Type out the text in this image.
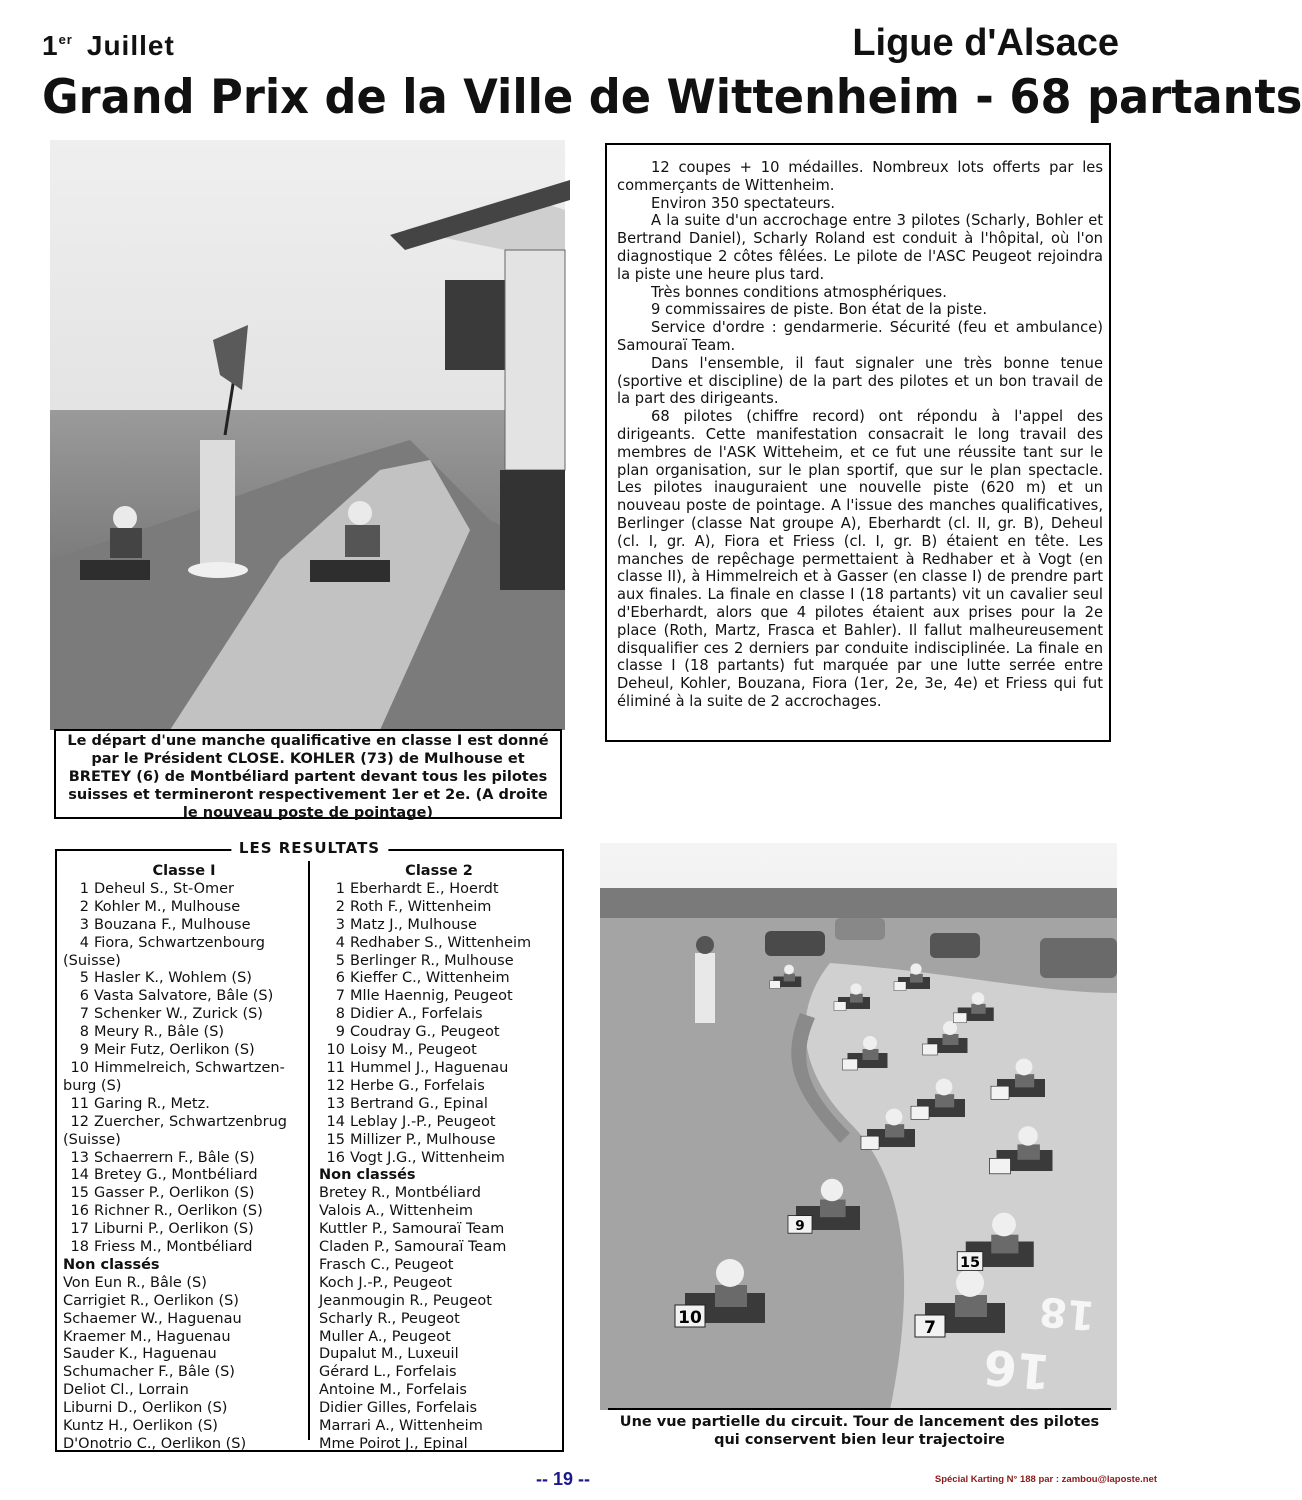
1er Juillet	Ligue d'Alsace
Grand Prix de la Ville de Wittenheim - 68 partants
Le départ d'une manche qualificative en classe I est donné par le Président CLOSE. KOHLER (73) de Mulhouse et BRETEY (6) de Montbéliard partent devant tous les pilotes suisses et termineront respectivement 1er et 2e. (A droite le nouveau poste de pointage)

12 coupes + 10 médailles. Nombreux lots offerts par les commerçants de Wittenheim.

Environ 350 spectateurs.

A la suite d'un accrochage entre 3 pilotes (Scharly, Bohler et Bertrand Daniel), Scharly Roland est conduit à l'hôpital, où l'on diagnostique 2 côtes fêlées. Le pilote de l'ASC Peugeot rejoindra la piste une heure plus tard.

Très bonnes conditions atmosphériques.

9 commissaires de piste. Bon état de la piste.

Service d'ordre : gendarmerie. Sécurité (feu et ambulance) Samouraï Team.

Dans l'ensemble, il faut signaler une très bonne tenue (sportive et discipline) de la part des pilotes et un bon travail de la part des dirigeants.

68 pilotes (chiffre record) ont répondu à l'appel des dirigeants. Cette manifestation consacrait le long travail des membres de l'ASK Witteheim, et ce fut une réussite tant sur le plan organisation, sur le plan sportif, que sur le plan spectacle. Les pilotes inauguraient une nouvelle piste (620 m) et un nouveau poste de pointage. A l'issue des manches qualificatives, Berlinger (classe Nat groupe A), Eberhardt (cl. II, gr. B), Deheul (cl. I, gr. A), Fiora et Friess (cl. I, gr. B) étaient en tête. Les manches de repêchage permettaient à Redhaber et à Vogt (en classe II), à Himmelreich et à Gasser (en classe I) de prendre part aux finales. La finale en classe I (18 partants) vit un cavalier seul d'Eberhardt, alors que 4 pilotes étaient aux prises pour la 2e place (Roth, Martz, Frasca et Bahler). Il fallut malheureusement disqualifier ces 2 derniers par conduite indisciplinée. La finale en classe I (18 partants) fut marquée par une lutte serrée entre Deheul, Kohler, Bouzana, Fiora (1er, 2e, 3e, 4e) et Friess qui fut éliminé à la suite de 2 accrochages.

LES RESULTATS
Classe I
1 Deheul S., St-Omer
2 Kohler M., Mulhouse
3 Bouzana F., Mulhouse
4 Fiora, Schwartzenbourg
(Suisse)
5 Hasler K., Wohlem (S)
6 Vasta Salvatore, Bâle (S)
7 Schenker W., Zurick (S)
8 Meury R., Bâle (S)
9 Meir Futz, Oerlikon (S)
10 Himmelreich, Schwartzen-
burg (S)
11 Garing R., Metz.
12 Zuercher, Schwartzenbrug
(Suisse)
13 Schaerrern F., Bâle (S)
14 Bretey G., Montbéliard
15 Gasser P., Oerlikon (S)
16 Richner R., Oerlikon (S)
17 Liburni P., Oerlikon (S)
18 Friess M., Montbéliard
Non classés
Von Eun R., Bâle (S)
Carrigiet R., Oerlikon (S)
Schaemer W., Haguenau
Kraemer M., Haguenau
Sauder K., Haguenau
Schumacher F., Bâle (S)
Deliot Cl., Lorrain
Liburni D., Oerlikon (S)
Kuntz H., Oerlikon (S)
D'Onotrio C., Oerlikon (S)
Classe 2
1 Eberhardt E., Hoerdt
2 Roth F., Wittenheim
3 Matz J., Mulhouse
4 Redhaber S., Wittenheim
5 Berlinger R., Mulhouse
6 Kieffer C., Wittenheim
7 Mlle Haennig, Peugeot
8 Didier A., Forfelais
9 Coudray G., Peugeot
10 Loisy M., Peugeot
11 Hummel J., Haguenau
12 Herbe G., Forfelais
13 Bertrand G., Epinal
14 Leblay J.-P., Peugeot
15 Millizer P., Mulhouse
16 Vogt J.G., Wittenheim
Non classés
Bretey R., Montbéliard
Valois A., Wittenheim
Kuttler P., Samouraï Team
Claden P., Samouraï Team
Frasch C., Peugeot
Koch J.-P., Peugeot
Jeanmougin R., Peugeot
Scharly R., Peugeot
Muller A., Peugeot
Dupalut M., Luxeuil
Gérard L., Forfelais
Antoine M., Forfelais
Didier Gilles, Forfelais
Marrari A., Wittenheim
Mme Poirot J., Epinal
10	7
9
15
18
16
Une vue partielle du circuit. Tour de lancement des pilotes qui conservent bien leur trajectoire
-- 19 --	Spécial Karting N° 188 par : zambou@laposte.net
